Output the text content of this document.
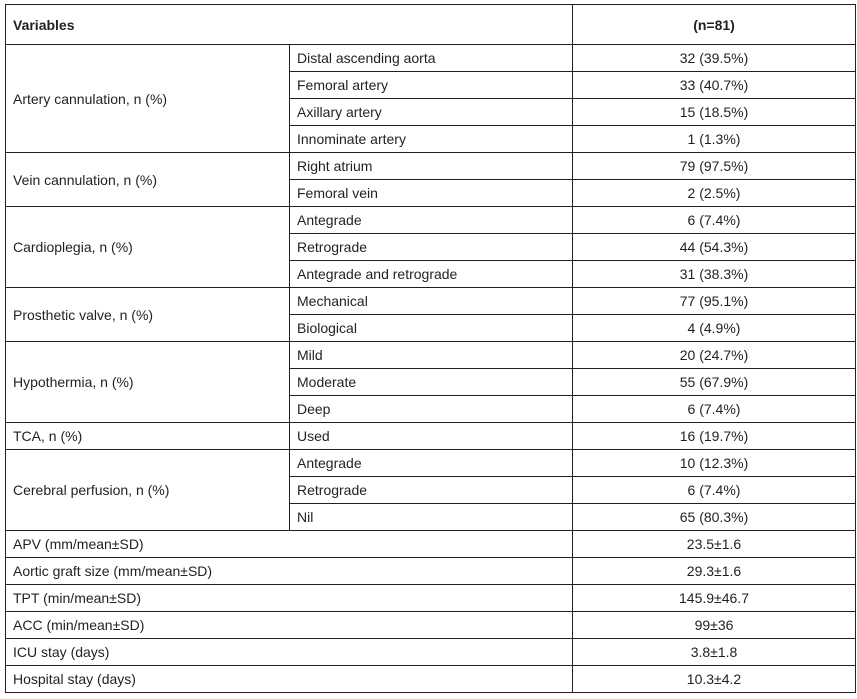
Variables		(n=81)
Artery cannulation, n (%)	Distal ascending aorta	32 (39.5%)
	Femoral artery	33 (40.7%)
	Axillary artery	15 (18.5%)
	Innominate artery	1 (1.3%)
Vein cannulation, n (%)	Right atrium	79 (97.5%)
	Femoral vein	2 (2.5%)
Cardioplegia, n (%)	Antegrade	6 (7.4%)
	Retrograde	44 (54.3%)
	Antegrade and retrograde	31 (38.3%)
Prosthetic valve, n (%)	Mechanical	77 (95.1%)
	Biological	4 (4.9%)
Hypothermia, n (%)	Mild	20 (24.7%)
	Moderate	55 (67.9%)
	Deep	6 (7.4%)
TCA, n (%)	Used	16 (19.7%)
Cerebral perfusion, n (%)	Antegrade	10 (12.3%)
	Retrograde	6 (7.4%)
	Nil	65 (80.3%)
APV (mm/mean±SD)		23.5±1.6
Aortic graft size (mm/mean±SD)		29.3±1.6
TPT (min/mean±SD)		145.9±46.7
ACC (min/mean±SD)		99±36
ICU stay (days)		3.8±1.8
Hospital stay (days)		10.3±4.2
